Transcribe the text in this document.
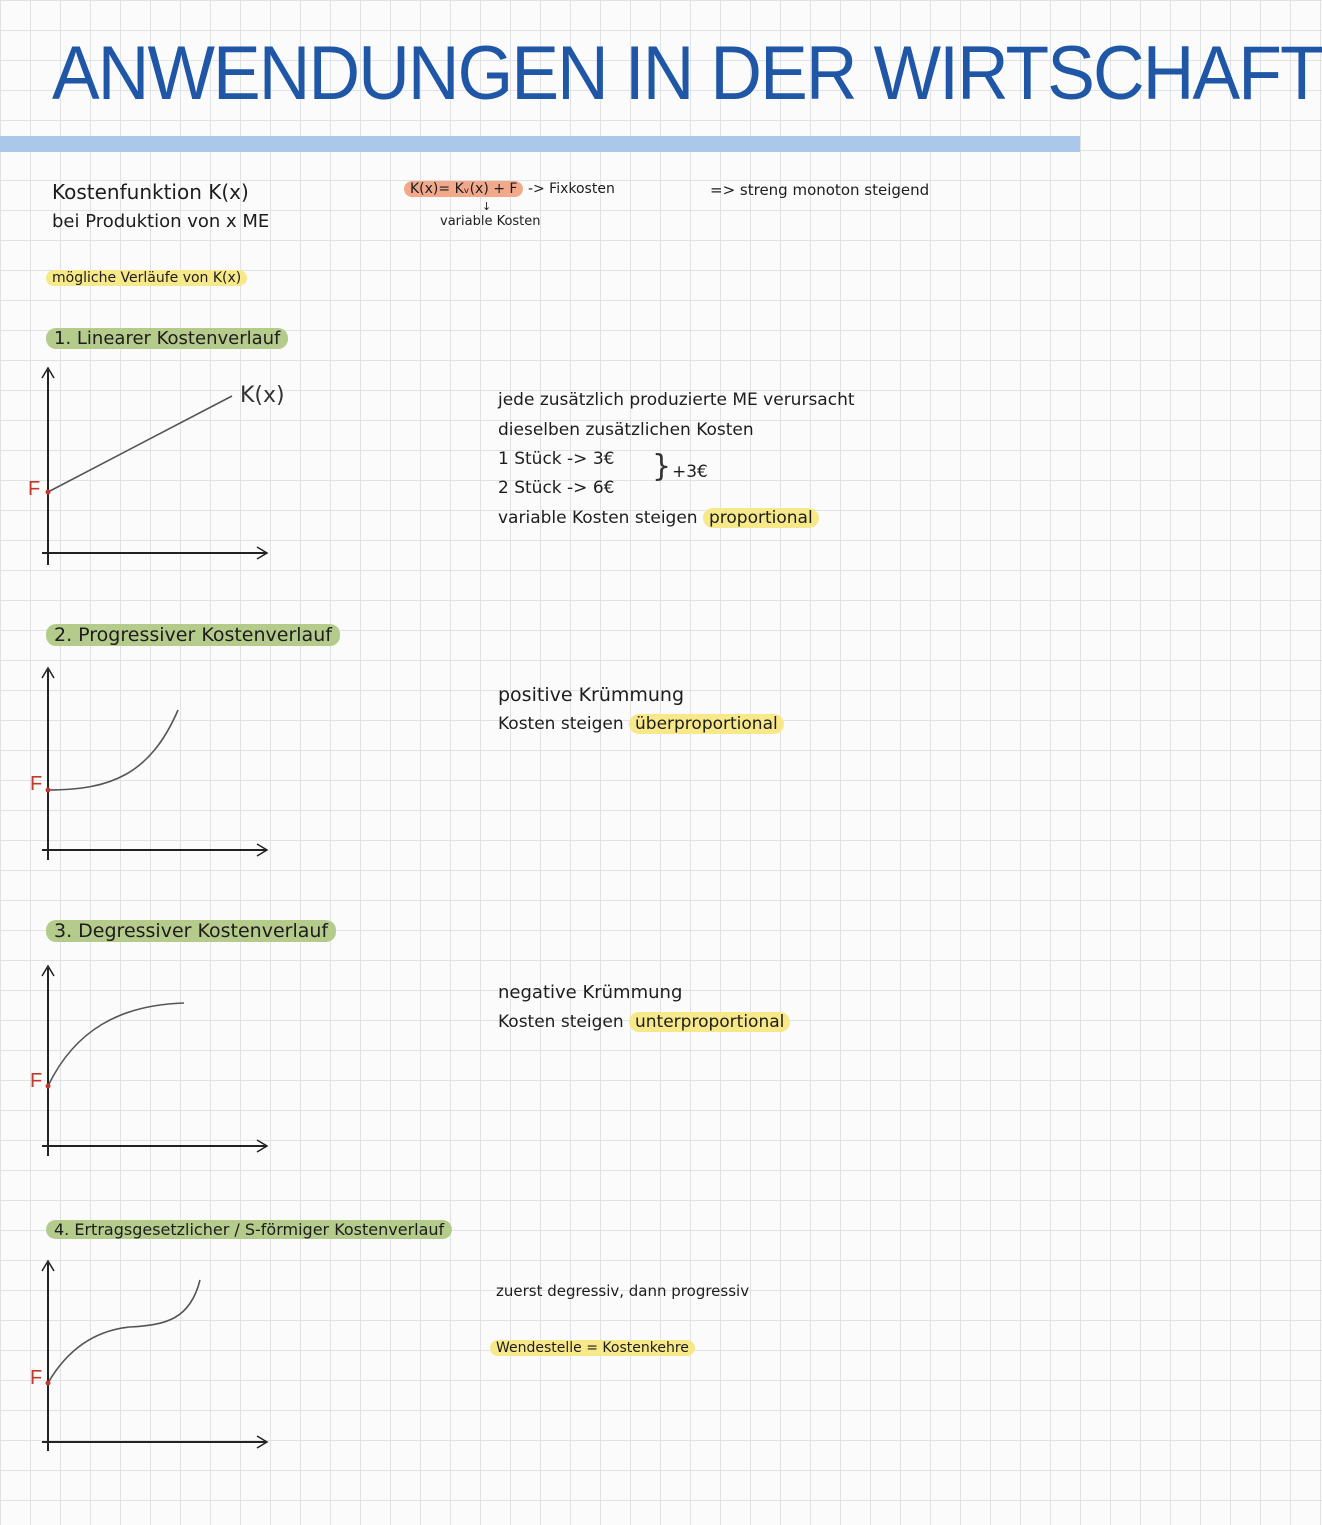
ANWENDUNGEN IN DER WIRTSCHAFT
Kostenfunktion K(x)
bei Produktion von x ME
K(x)= Kᵥ(x) + F -> Fixkosten
↓
variable Kosten
=> streng monoton steigend
mögliche Verläufe von K(x)
1. Linearer Kostenverlauf
F
K(x)	jede zusätzlich produzierte ME verursacht
dieselben zusätzlichen Kosten
1 Stück -> 3€
2 Stück -> 6€
} +3€
variable Kosten steigen proportional
2. Progressiver Kostenverlauf
F
positive Krümmung
Kosten steigen überproportional
3. Degressiver Kostenverlauf
F
negative Krümmung
Kosten steigen unterproportional
4. Ertragsgesetzlicher / S-förmiger Kostenverlauf
F
zuerst degressiv, dann progressiv
Wendestelle = Kostenkehre
